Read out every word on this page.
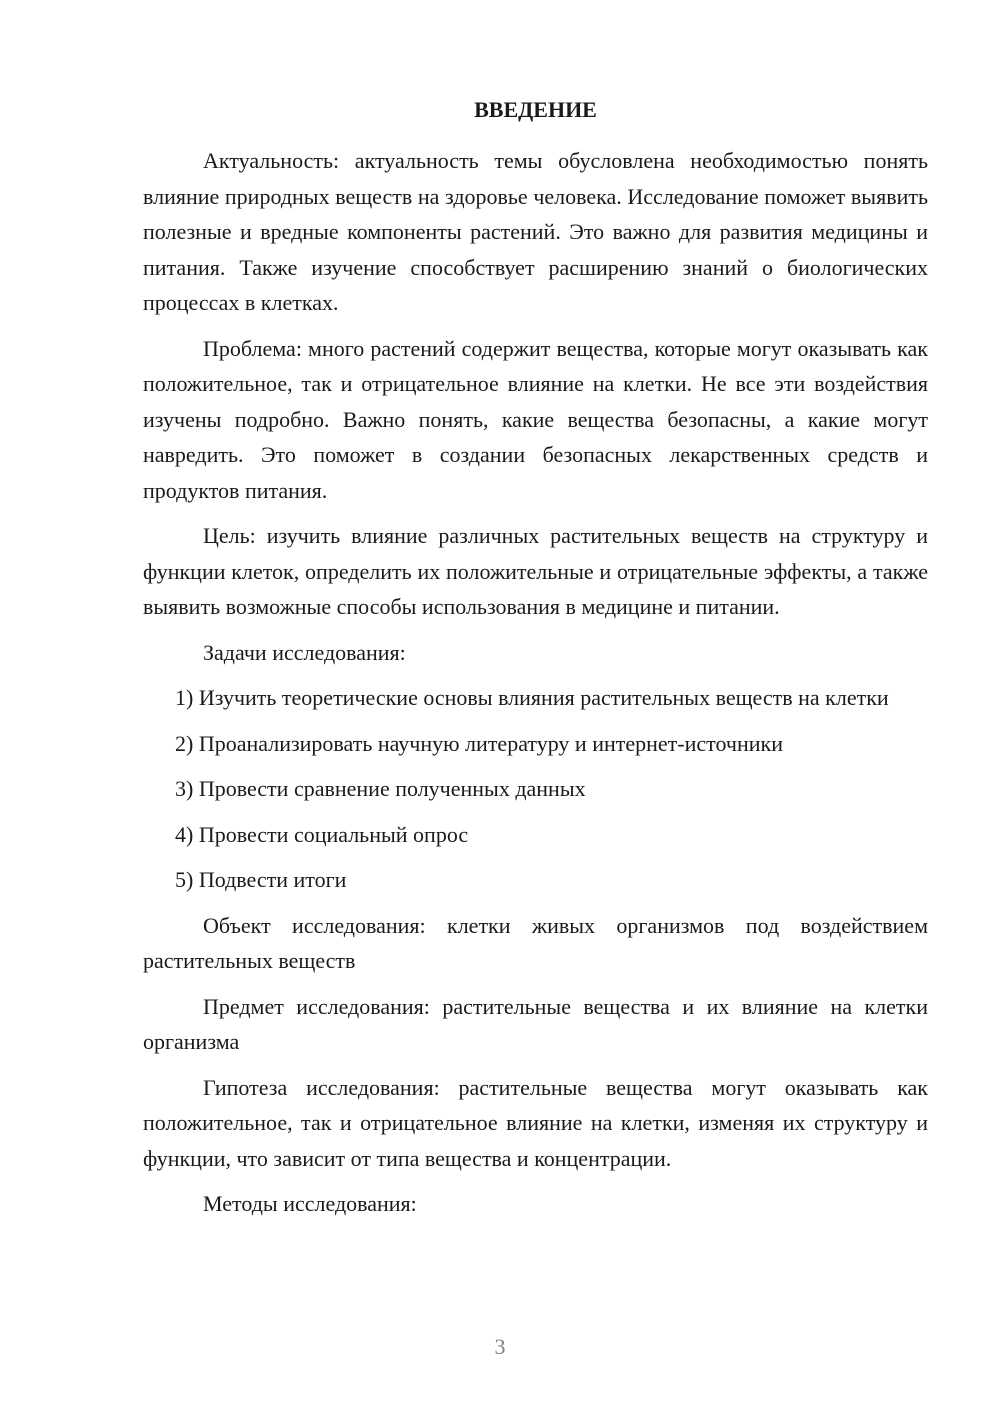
ВВЕДЕНИЕ

Актуальность: актуальность темы обусловлена необходимостью понять влияние природных веществ на здоровье человека. Исследование поможет выявить полезные и вредные компоненты растений. Это важно для развития медицины и питания. Также изучение способствует расширению знаний о биологических процессах в клетках.

Проблема: много растений содержит вещества, которые могут оказывать как положительное, так и отрицательное влияние на клетки. Не все эти воздействия изучены подробно. Важно понять, какие вещества безопасны, а какие могут навредить. Это поможет в создании безопасных лекарственных средств и продуктов питания.

Цель: изучить влияние различных растительных веществ на структуру и функции клеток, определить их положительные и отрицательные эффекты, а также выявить возможные способы использования в медицине и питании.

Задачи исследования:

1) Изучить теоретические основы влияния растительных веществ на клетки

2) Проанализировать научную литературу и интернет-источники

3) Провести сравнение полученных данных

4) Провести социальный опрос

5) Подвести итоги

Объект исследования: клетки живых организмов под воздействием растительных веществ

Предмет исследования: растительные вещества и их влияние на клетки организма

Гипотеза исследования: растительные вещества могут оказывать как положительное, так и отрицательное влияние на клетки, изменяя их структуру и функции, что зависит от типа вещества и концентрации.

Методы исследования:

3
